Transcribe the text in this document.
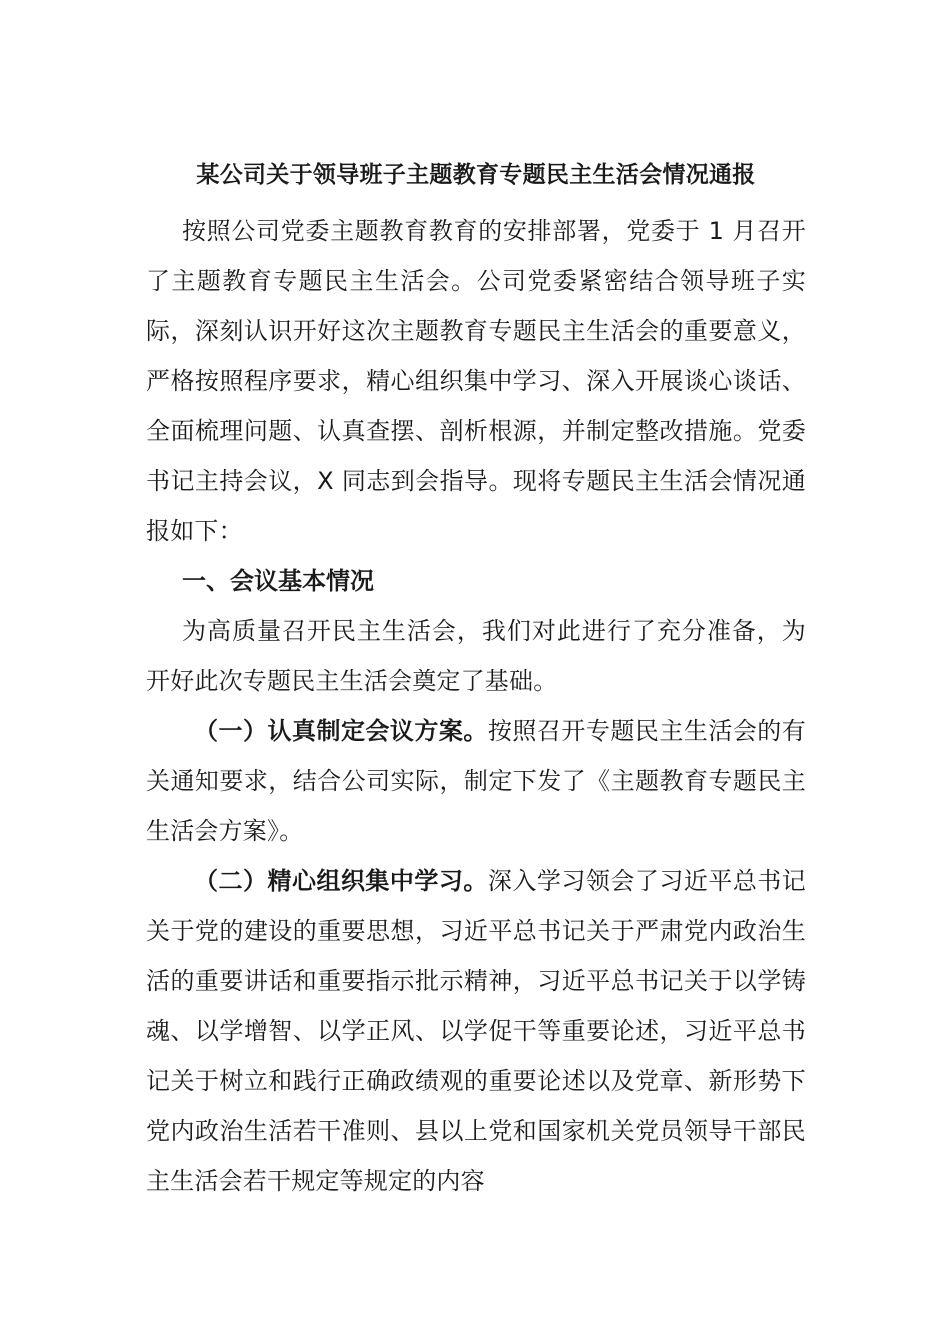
某公司关于领导班子主题教育专题民主生活会情况通报

按照公司党委主题教育教育的安排部署，党委于 1 月召开了主题教育专题民主生活会。公司党委紧密结合领导班子实际，深刻认识开好这次主题教育专题民主生活会的重要意义，严格按照程序要求，精心组织集中学习、深入开展谈心谈话、全面梳理问题、认真查摆、剖析根源，并制定整改措施。党委书记主持会议，X 同志到会指导。现将专题民主生活会情况通报如下：

一、会议基本情况

为高质量召开民主生活会，我们对此进行了充分准备，为开好此次专题民主生活会奠定了基础。

（一）认真制定会议方案。按照召开专题民主生活会的有关通知要求，结合公司实际，制定下发了《主题教育专题民主生活会方案》。

（二）精心组织集中学习。深入学习领会了习近平总书记关于党的建设的重要思想，习近平总书记关于严肃党内政治生活的重要讲话和重要指示批示精神，习近平总书记关于以学铸魂、以学增智、以学正风、以学促干等重要论述，习近平总书记关于树立和践行正确政绩观的重要论述以及党章、新形势下党内政治生活若干准则、县以上党和国家机关党员领导干部民主生活会若干规定等规定的内容
